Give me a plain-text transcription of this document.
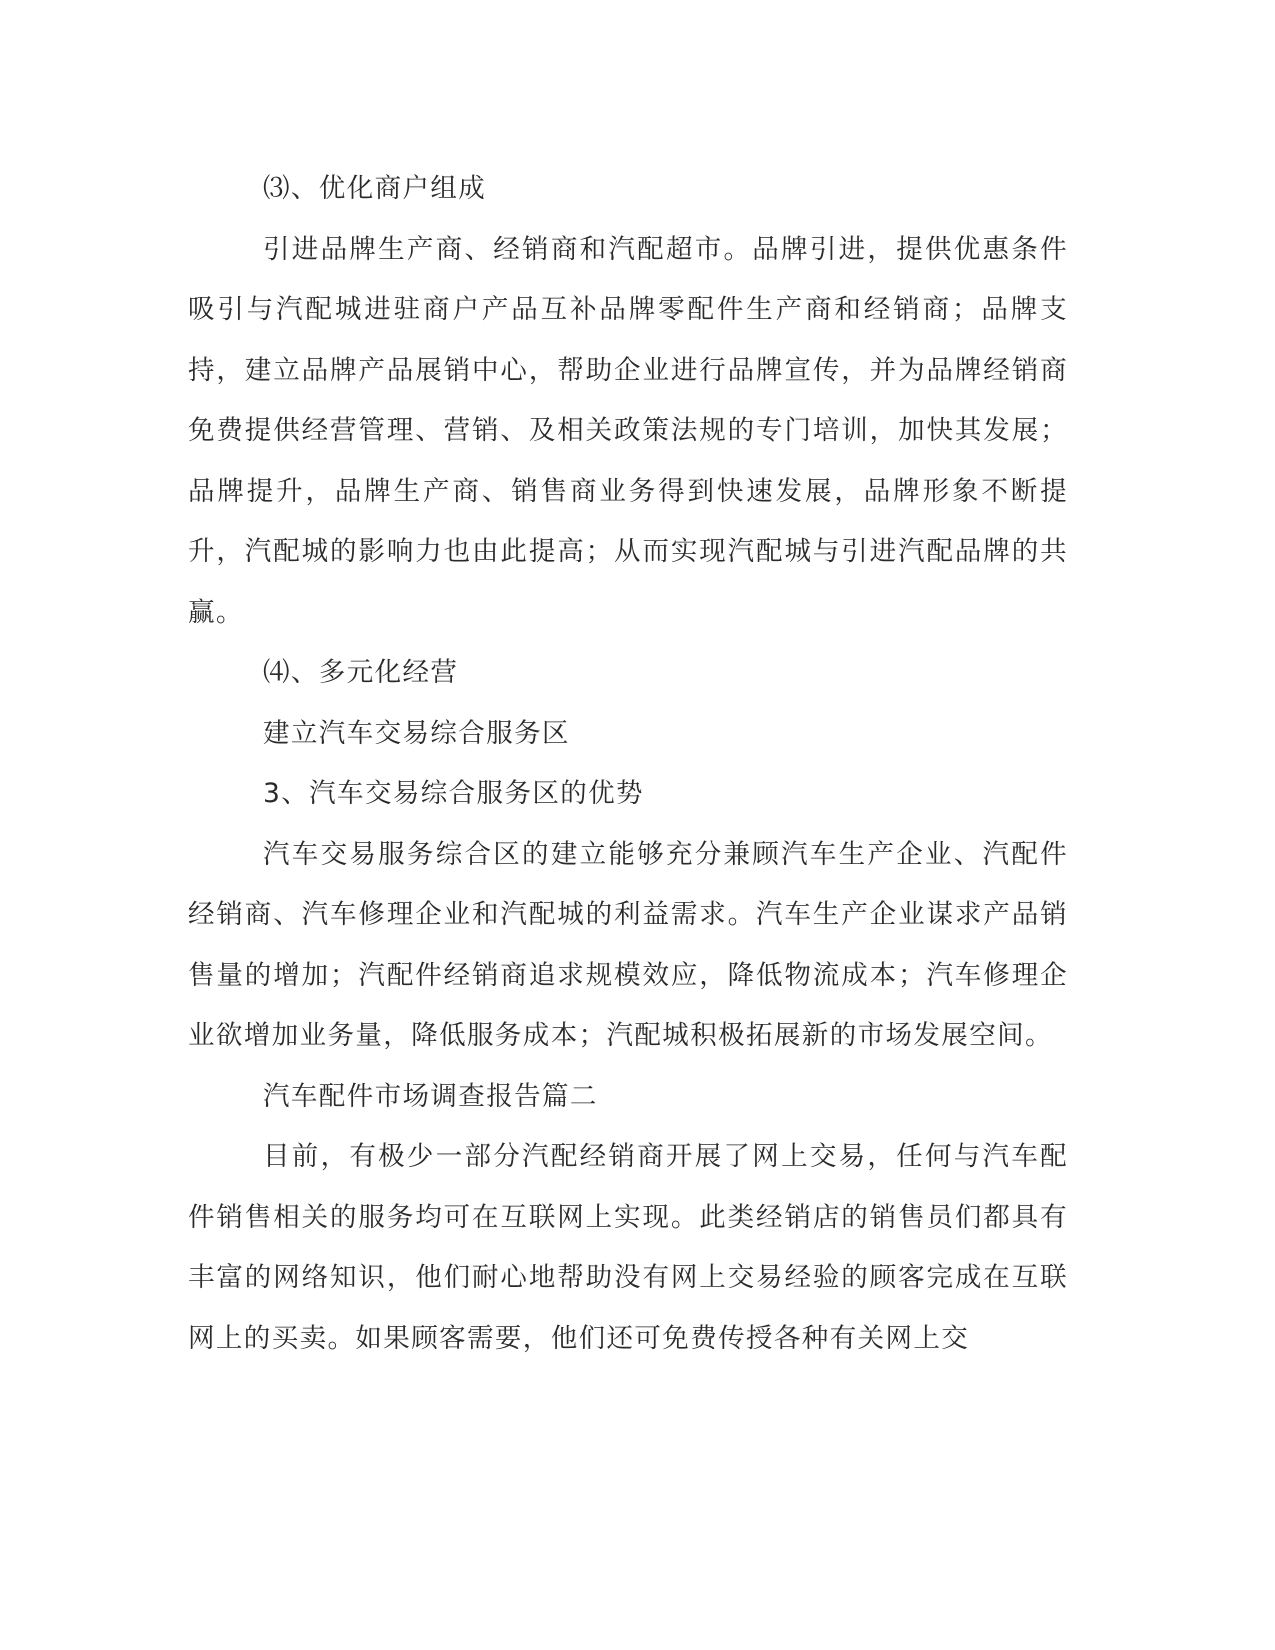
⑶、优化商户组成

引进品牌生产商、经销商和汽配超市。品牌引进，提供优惠条件吸引与汽配城进驻商户产品互补品牌零配件生产商和经销商；品牌支持，建立品牌产品展销中心，帮助企业进行品牌宣传，并为品牌经销商免费提供经营管理、营销、及相关政策法规的专门培训，加快其发展；品牌提升，品牌生产商、销售商业务得到快速发展，品牌形象不断提升，汽配城的影响力也由此提高；从而实现汽配城与引进汽配品牌的共赢。

⑷、多元化经营

建立汽车交易综合服务区

3、汽车交易综合服务区的优势

汽车交易服务综合区的建立能够充分兼顾汽车生产企业、汽配件经销商、汽车修理企业和汽配城的利益需求。汽车生产企业谋求产品销售量的增加；汽配件经销商追求规模效应，降低物流成本；汽车修理企业欲增加业务量，降低服务成本；汽配城积极拓展新的市场发展空间。

汽车配件市场调查报告篇二

目前，有极少一部分汽配经销商开展了网上交易，任何与汽车配件销售相关的服务均可在互联网上实现。此类经销店的销售员们都具有丰富的网络知识，他们耐心地帮助没有网上交易经验的顾客完成在互联网上的买卖。如果顾客需要，他们还可免费传授各种有关网上交
